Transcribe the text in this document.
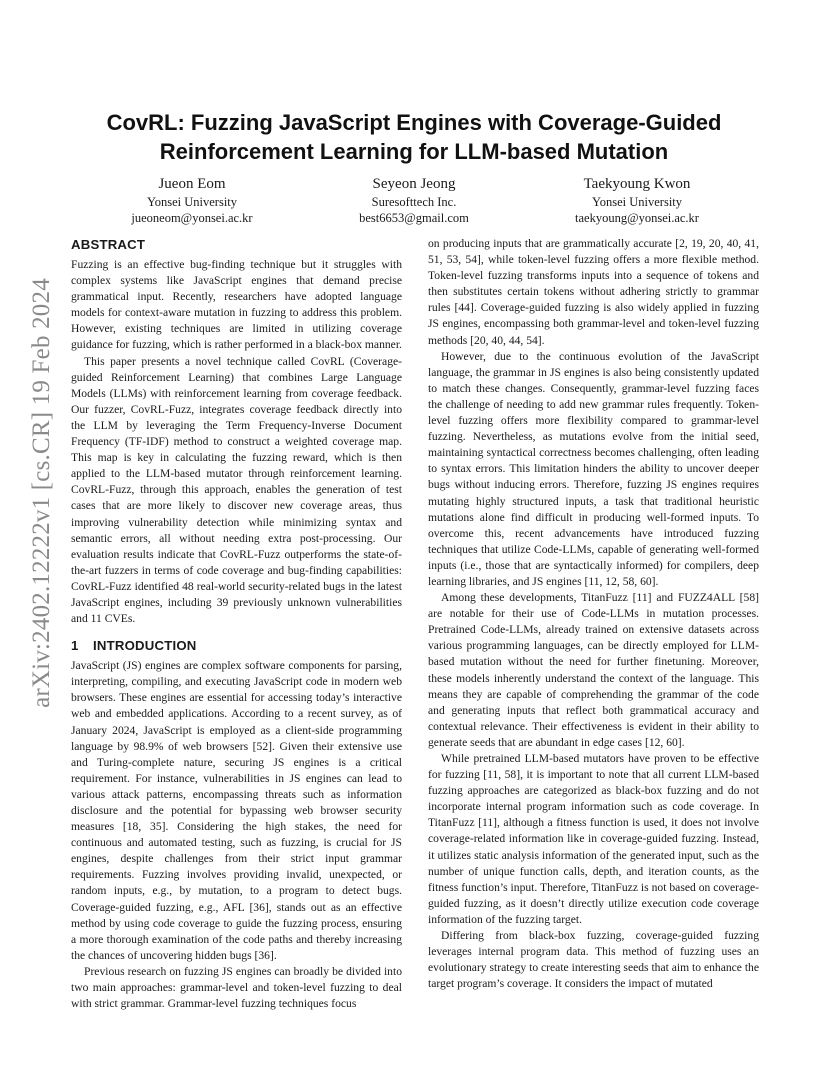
arXiv:2402.12222v1 [cs.CR] 19 Feb 2024
CovRL: Fuzzing JavaScript Engines with Coverage-Guided Reinforcement Learning for LLM-based Mutation
Jueon Eom
Yonsei University
jueoneom@yonsei.ac.kr
Seyeon Jeong
Suresofttech Inc.
best6653@gmail.com
Taekyoung Kwon
Yonsei University
taekyoung@yonsei.ac.kr
ABSTRACT

Fuzzing is an effective bug-finding technique but it struggles with complex systems like JavaScript engines that demand precise grammatical input. Recently, researchers have adopted language models for context-aware mutation in fuzzing to address this problem. However, existing techniques are limited in utilizing coverage guidance for fuzzing, which is rather performed in a black-box manner.

This paper presents a novel technique called CovRL (Coverage-guided Reinforcement Learning) that combines Large Language Models (LLMs) with reinforcement learning from coverage feedback. Our fuzzer, CovRL-Fuzz, integrates coverage feedback directly into the LLM by leveraging the Term Frequency-Inverse Document Frequency (TF-IDF) method to construct a weighted coverage map. This map is key in calculating the fuzzing reward, which is then applied to the LLM-based mutator through reinforcement learning. CovRL-Fuzz, through this approach, enables the generation of test cases that are more likely to discover new coverage areas, thus improving vulnerability detection while minimizing syntax and semantic errors, all without needing extra post-processing. Our evaluation results indicate that CovRL-Fuzz outperforms the state-of-the-art fuzzers in terms of code coverage and bug-finding capabilities: CovRL-Fuzz identified 48 real-world security-related bugs in the latest JavaScript engines, including 39 previously unknown vulnerabilities and 11 CVEs.

1 INTRODUCTION

JavaScript (JS) engines are complex software components for parsing, interpreting, compiling, and executing JavaScript code in modern web browsers. These engines are essential for accessing today’s interactive web and embedded applications. According to a recent survey, as of January 2024, JavaScript is employed as a client-side programming language by 98.9% of web browsers [52]. Given their extensive use and Turing-complete nature, securing JS engines is a critical requirement. For instance, vulnerabilities in JS engines can lead to various attack patterns, encompassing threats such as information disclosure and the potential for bypassing web browser security measures [18, 35]. Considering the high stakes, the need for continuous and automated testing, such as fuzzing, is crucial for JS engines, despite challenges from their strict input grammar requirements. Fuzzing involves providing invalid, unexpected, or random inputs, e.g., by mutation, to a program to detect bugs. Coverage-guided fuzzing, e.g., AFL [36], stands out as an effective method by using code coverage to guide the fuzzing process, ensuring a more thorough examination of the code paths and thereby increasing the chances of uncovering hidden bugs [36].

Previous research on fuzzing JS engines can broadly be divided into two main approaches: grammar-level and token-level fuzzing to deal with strict grammar. Grammar-level fuzzing techniques focus

on producing inputs that are grammatically accurate [2, 19, 20, 40, 41, 51, 53, 54], while token-level fuzzing offers a more flexible method. Token-level fuzzing transforms inputs into a sequence of tokens and then substitutes certain tokens without adhering strictly to grammar rules [44]. Coverage-guided fuzzing is also widely applied in fuzzing JS engines, encompassing both grammar-level and token-level fuzzing methods [20, 40, 44, 54].

However, due to the continuous evolution of the JavaScript language, the grammar in JS engines is also being consistently updated to match these changes. Consequently, grammar-level fuzzing faces the challenge of needing to add new grammar rules frequently. Token-level fuzzing offers more flexibility compared to grammar-level fuzzing. Nevertheless, as mutations evolve from the initial seed, maintaining syntactical correctness becomes challenging, often leading to syntax errors. This limitation hinders the ability to uncover deeper bugs without inducing errors. Therefore, fuzzing JS engines requires mutating highly structured inputs, a task that traditional heuristic mutations alone find difficult in producing well-formed inputs. To overcome this, recent advancements have introduced fuzzing techniques that utilize Code-LLMs, capable of generating well-formed inputs (i.e., those that are syntactically informed) for compilers, deep learning libraries, and JS engines [11, 12, 58, 60].

Among these developments, TitanFuzz [11] and FUZZ4ALL [58] are notable for their use of Code-LLMs in mutation processes. Pretrained Code-LLMs, already trained on extensive datasets across various programming languages, can be directly employed for LLM-based mutation without the need for further finetuning. Moreover, these models inherently understand the context of the language. This means they are capable of comprehending the grammar of the code and generating inputs that reflect both grammatical accuracy and contextual relevance. Their effectiveness is evident in their ability to generate seeds that are abundant in edge cases [12, 60].

While pretrained LLM-based mutators have proven to be effective for fuzzing [11, 58], it is important to note that all current LLM-based fuzzing approaches are categorized as black-box fuzzing and do not incorporate internal program information such as code coverage. In TitanFuzz [11], although a fitness function is used, it does not involve coverage-related information like in coverage-guided fuzzing. Instead, it utilizes static analysis information of the generated input, such as the number of unique function calls, depth, and iteration counts, as the fitness function’s input. Therefore, TitanFuzz is not based on coverage-guided fuzzing, as it doesn’t directly utilize execution code coverage information of the fuzzing target.

Differing from black-box fuzzing, coverage-guided fuzzing leverages internal program data. This method of fuzzing uses an evolutionary strategy to create interesting seeds that aim to enhance the target program’s coverage. It considers the impact of mutated
